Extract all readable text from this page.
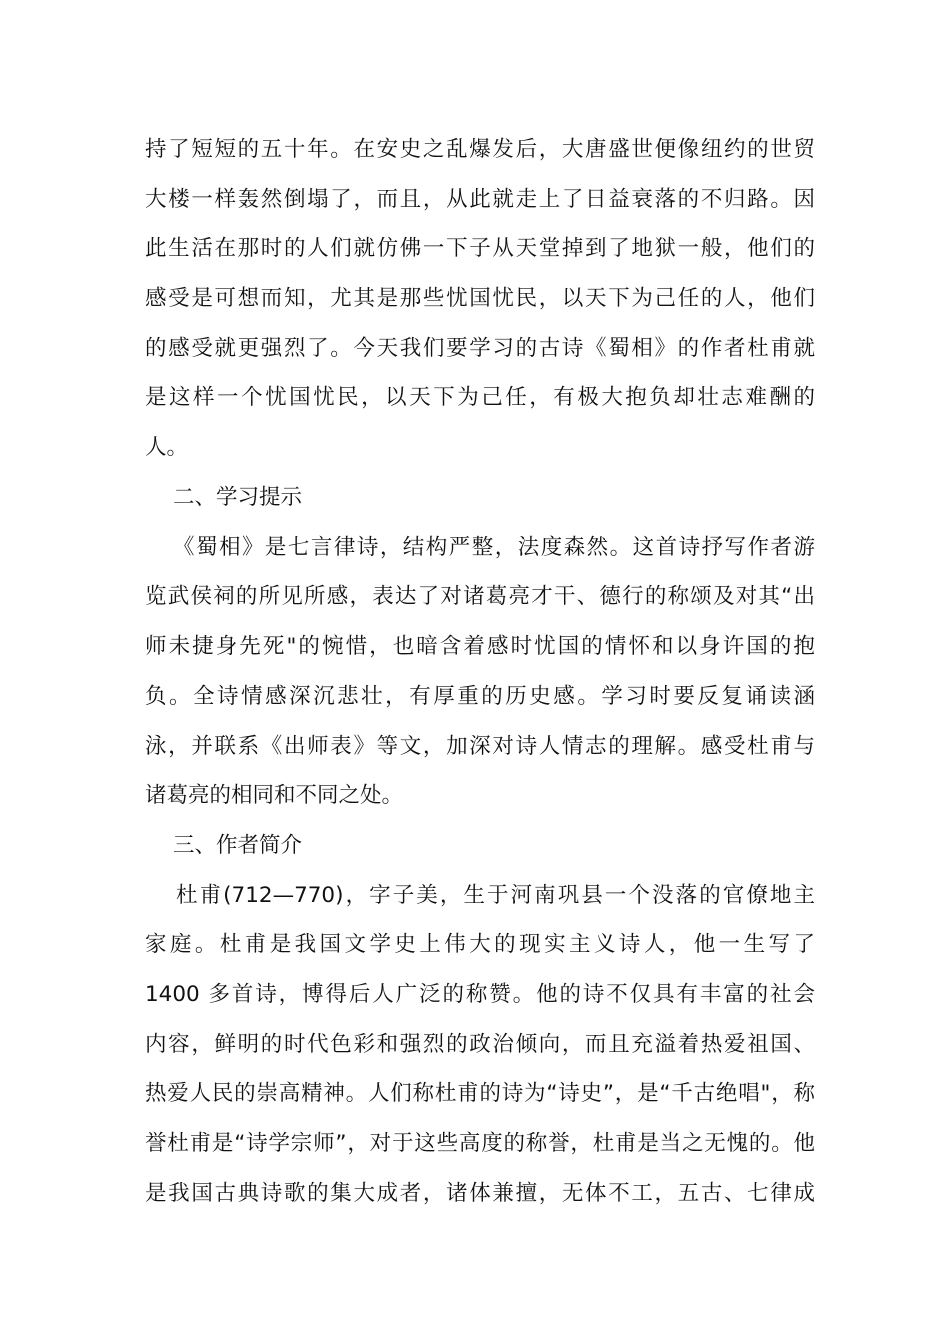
持了短短的五十年。在安史之乱爆发后，大唐盛世便像纽约的世贸
大楼一样轰然倒塌了，而且，从此就走上了日益衰落的不归路。因
此生活在那时的人们就仿佛一下子从天堂掉到了地狱一般，他们的
感受是可想而知，尤其是那些忧国忧民，以天下为己任的人，他们
的感受就更强烈了。今天我们要学习的古诗《蜀相》的作者杜甫就
是这样一个忧国忧民，以天下为己任，有极大抱负却壮志难酬的
人。
二、学习提示
《蜀相》是七言律诗，结构严整，法度森然。这首诗抒写作者游
览武侯祠的所见所感，表达了对诸葛亮才干、德行的称颂及对其“出
师未捷身先死"的惋惜，也暗含着感时忧国的情怀和以身许国的抱
负。全诗情感深沉悲壮，有厚重的历史感。学习时要反复诵读涵
泳，并联系《出师表》等文，加深对诗人情志的理解。感受杜甫与
诸葛亮的相同和不同之处。
三、作者简介
杜甫(712—770)，字子美，生于河南巩县一个没落的官僚地主
家庭。杜甫是我国文学史上伟大的现实主义诗人，他一生写了
1400 多首诗，博得后人广泛的称赞。他的诗不仅具有丰富的社会
内容，鲜明的时代色彩和强烈的政治倾向，而且充溢着热爱祖国、
热爱人民的崇高精神。人们称杜甫的诗为“诗史”，是“千古绝唱"，称
誉杜甫是“诗学宗师”，对于这些高度的称誉，杜甫是当之无愧的。他
是我国古典诗歌的集大成者，诸体兼擅，无体不工，五古、七律成
